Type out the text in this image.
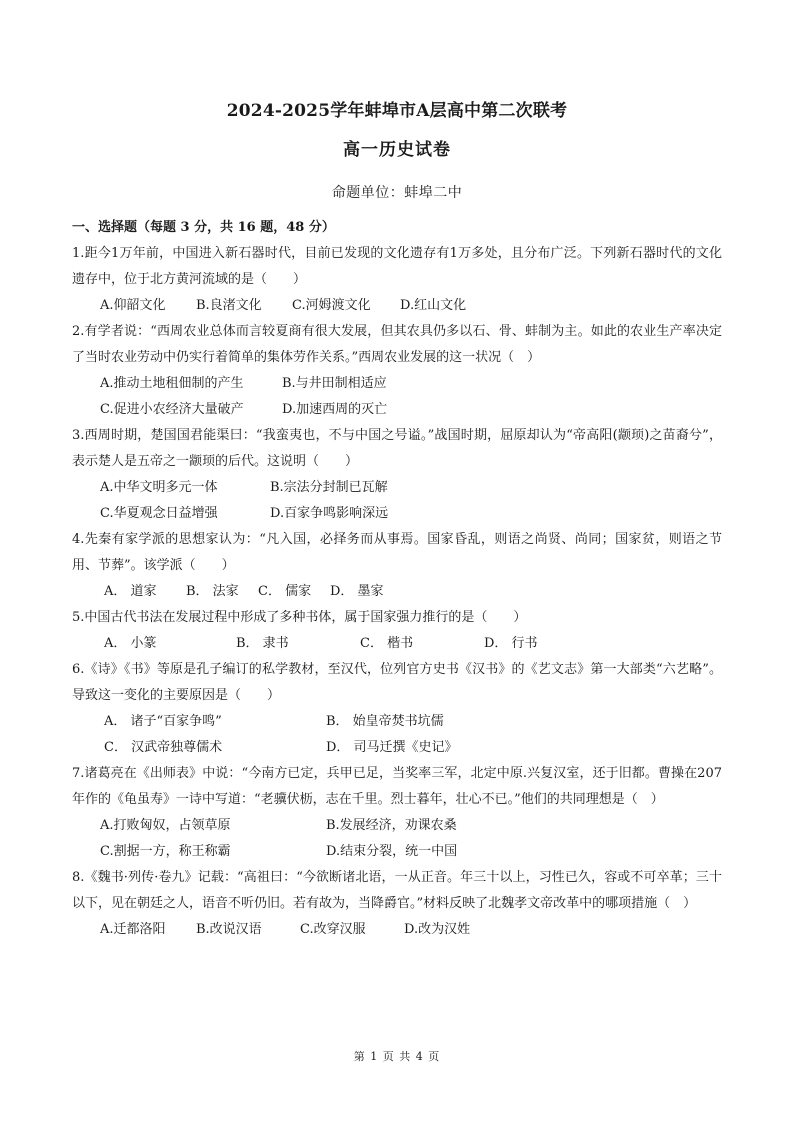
2024-2025学年蚌埠市A层高中第二次联考
高一历史试卷
命题单位：蚌埠二中
一、选择题（每题 3 分，共 16 题，48 分）

1.距今1万年前，中国进入新石器时代，目前已发现的文化遗存有1万多处，且分布广泛。下列新石器时代的文化遗存中，位于北方黄河流域的是（　　）

A.仰韶文化	B.良渚文化	C.河姆渡文化	D.红山文化

2.有学者说：“西周农业总体而言较夏商有很大发展，但其农具仍多以石、骨、蚌制为主。如此的农业生产率决定了当时农业劳动中仍实行着简单的集体劳作关系。”西周农业发展的这一状况（　）

A.推动土地租佃制的产生	B.与井田制相适应
C.促进小农经济大量破产	D.加速西周的灭亡

3.西周时期，楚国国君能渠曰：“我蛮夷也，不与中国之号谥。”战国时期，屈原却认为“帝高阳(颛顼)之苗裔兮”，表示楚人是五帝之一颛顼的后代。这说明（　　）

A.中华文明多元一体	B.宗法分封制已瓦解
C.华夏观念日益增强	D.百家争鸣影响深远

4.先秦有家学派的思想家认为：“凡入国，必择务而从事焉。国家昏乱，则语之尚贤、尚同；国家贫，则语之节用、节葬”。该学派（　　）

A． 道家	B． 法家	C． 儒家	D． 墨家

5.中国古代书法在发展过程中形成了多种书体，属于国家强力推行的是（　　）

A． 小篆	B． 隶书	C． 楷书	D． 行书

6.《诗》《书》等原是孔子编订的私学教材，至汉代，位列官方史书《汉书》的《艺文志》第一大部类“六艺略”。导致这一变化的主要原因是（　　）

A． 诸子“百家争鸣”	B． 始皇帝焚书坑儒
C． 汉武帝独尊儒术	D． 司马迁撰《史记》

7.诸葛亮在《出师表》中说：“今南方已定，兵甲已足，当奖率三军，北定中原.兴复汉室，还于旧都。曹操在207年作的《龟虽寿》一诗中写道：“老骥伏枥，志在千里。烈士暮年，壮心不已。”他们的共同理想是（　）

A.打败匈奴，占领草原	B.发展经济，劝课农桑
C.割据一方，称王称霸	D.结束分裂，统一中国

8.《魏书·列传·卷九》记载：“高祖曰：“今欲断诸北语，一从正音。年三十以上，习性已久，容或不可卒革；三十以下，见在朝廷之人，语音不听仍旧。若有故为，当降爵官。”材料反映了北魏孝文帝改革中的哪项措施（　）

A.迁都洛阳	B.改说汉语	C.改穿汉服	D.改为汉姓
第 1 页 共 4 页
